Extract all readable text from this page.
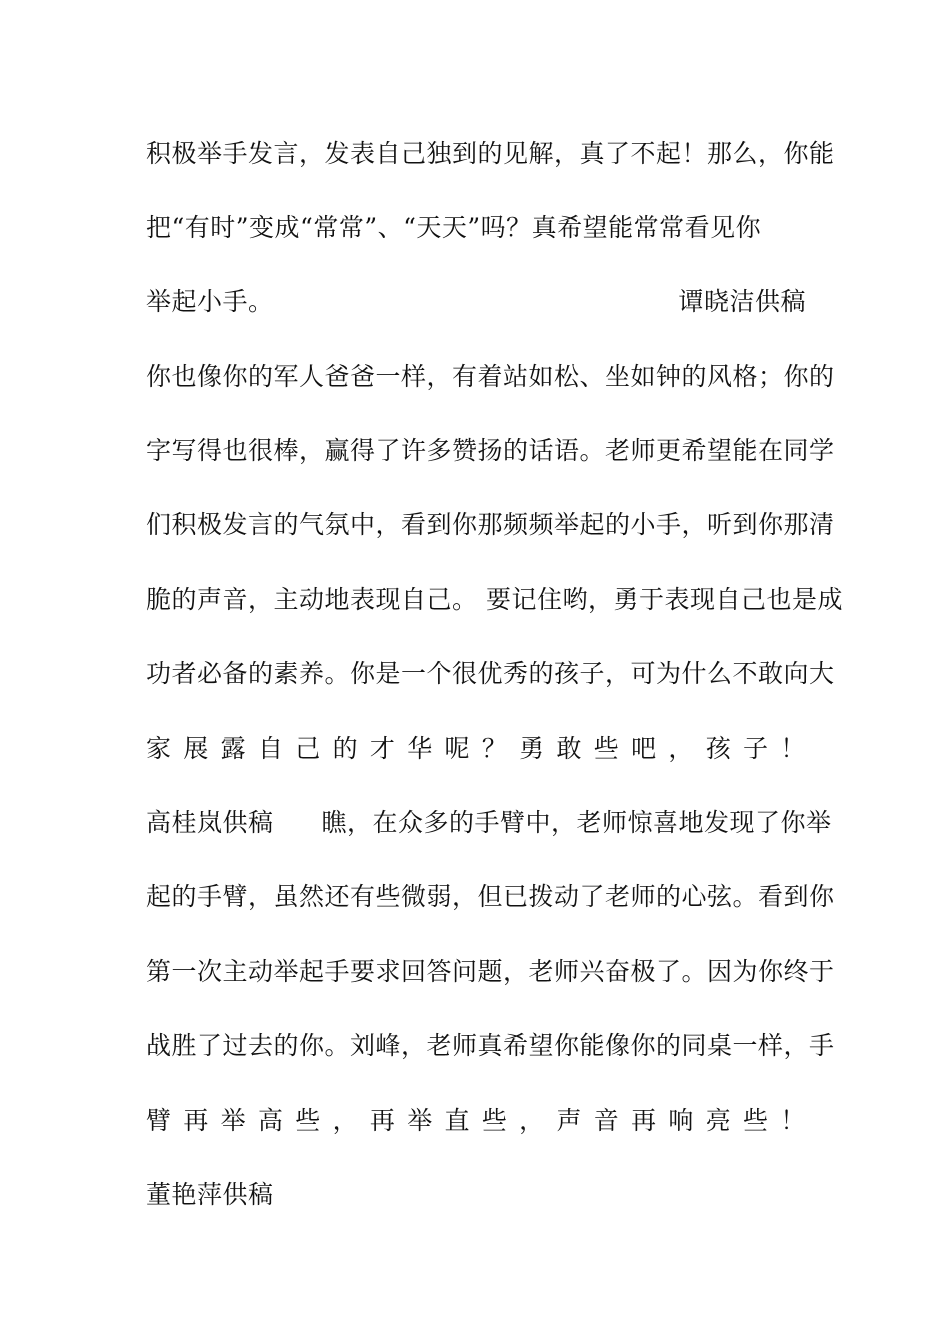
积极举手发言，发表自己独到的见解，真了不起！那么，你能
把“有时”变成“常常”、“天天”吗？真希望能常常看见你
举起小手。	谭晓洁供稿
你也像你的军人爸爸一样，有着站如松、坐如钟的风格；你的
字写得也很棒，赢得了许多赞扬的话语。老师更希望能在同学
们积极发言的气氛中，看到你那频频举起的小手，听到你那清
脆的声音，主动地表现自己。 要记住哟，勇于表现自己也是成
功者必备的素养。你是一个很优秀的孩子，可为什么不敢向大
家 展 露 自 己 的 才 华 呢 ？ 勇 敢 些 吧 ， 孩 子 ！
高桂岚供稿 瞧，在众多的手臂中，老师惊喜地发现了你举
起的手臂，虽然还有些微弱，但已拨动了老师的心弦。看到你
第一次主动举起手要求回答问题，老师兴奋极了。因为你终于
战胜了过去的你。刘峰，老师真希望你能像你的同桌一样，手
臂 再 举 高 些 ， 再 举 直 些 ， 声 音 再 响 亮 些 ！
董艳萍供稿
